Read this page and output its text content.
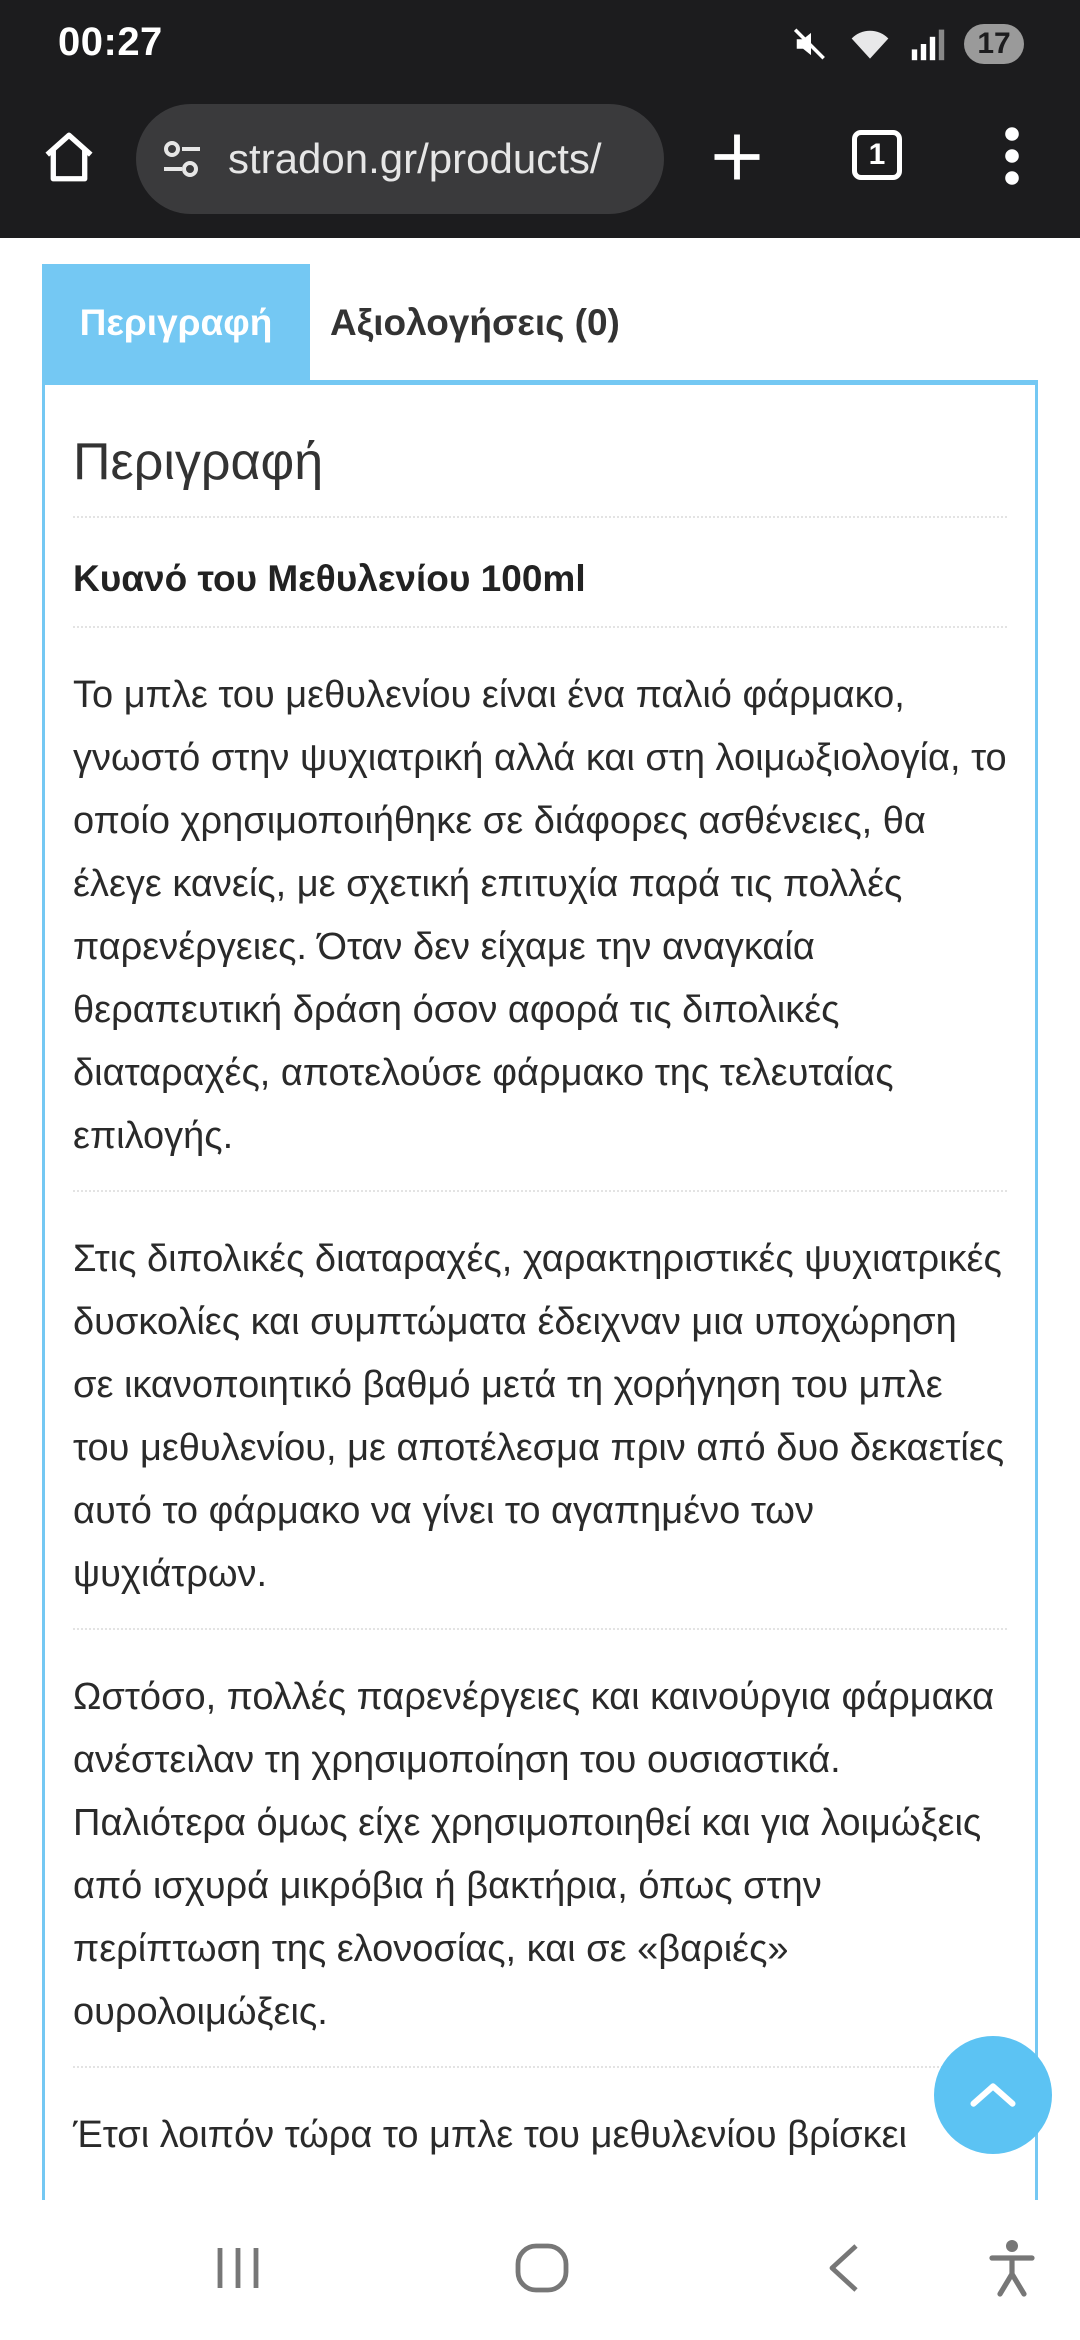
00:27	17
stradon.gr/products/	1
Περιγραφή	Αξιολογήσεις (0)
Περιγραφή

Κυανό του Μεθυλενίου 100ml

Το μπλε του μεθυλενίου είναι ένα παλιό φάρμακο, γνωστό στην ψυχιατρική αλλά και στη λοιμωξιολογία, το οποίο χρησιμοποιήθηκε σε διάφορες ασθένειες, θα έλεγε κανείς, με σχετική επιτυχία παρά τις πολλές παρενέργειες. Όταν δεν είχαμε την αναγκαία θεραπευτική δράση όσον αφορά τις διπολικές διαταραχές, αποτελούσε φάρμακο της τελευταίας επιλογής.

Στις διπολικές διαταραχές, χαρακτηριστικές ψυχιατρικές δυσκολίες και συμπτώματα έδειχναν μια υποχώρηση σε ικανοποιητικό βαθμό μετά τη χορήγηση του μπλε του μεθυλενίου, με αποτέλεσμα πριν από δυο δεκαετίες αυτό το φάρμακο να γίνει το αγαπημένο των ψυχιάτρων.

Ωστόσο, πολλές παρενέργειες και καινούργια φάρμακα ανέστειλαν τη χρησιμοποίηση του ουσιαστικά. Παλιότερα όμως είχε χρησιμοποιηθεί και για λοιμώξεις από ισχυρά μικρόβια ή βακτήρια, όπως στην περίπτωση της ελονοσίας, και σε «βαριές» ουρολοιμώξεις.

Έτσι λοιπόν τώρα το μπλε του μεθυλενίου βρίσκει
